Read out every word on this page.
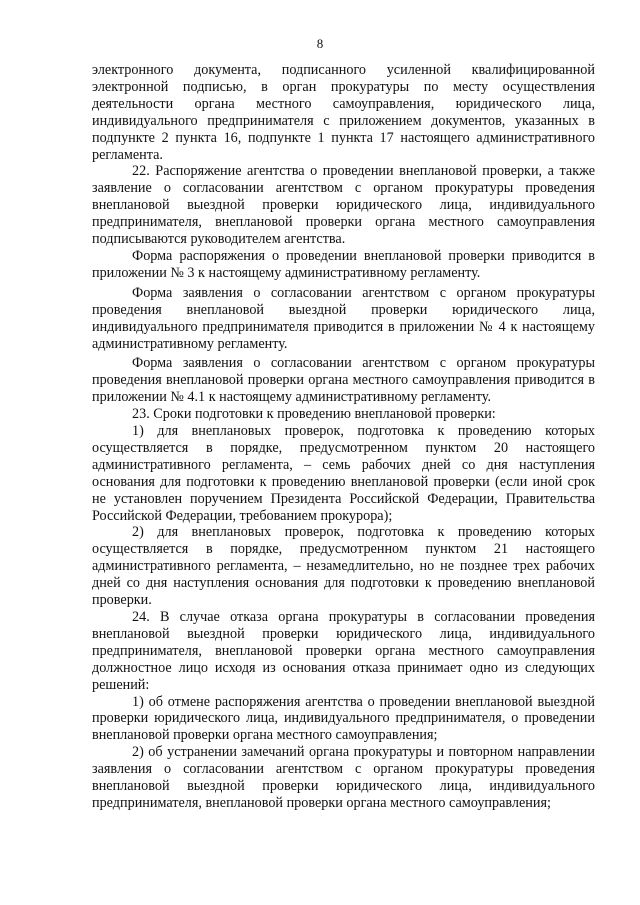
8

электронного документа, подписанного усиленной квалифицированной электронной подписью, в орган прокуратуры по месту осуществления деятельности органа местного самоуправления, юридического лица, индивидуального предпринимателя с приложением документов, указанных в подпункте 2 пункта 16, подпункте 1 пункта 17 настоящего административного регламента.

22. Распоряжение агентства о проведении внеплановой проверки, а также заявление о согласовании агентством с органом прокуратуры проведения внеплановой выездной проверки юридического лица, индивидуального предпринимателя, внеплановой проверки органа местного самоуправления подписываются руководителем агентства.

Форма распоряжения о проведении внеплановой проверки приводится в приложении № 3 к настоящему административному регламенту.

Форма заявления о согласовании агентством с органом прокуратуры проведения внеплановой выездной проверки юридического лица, индивидуального предпринимателя приводится в приложении № 4 к настоящему административному регламенту.

Форма заявления о согласовании агентством с органом прокуратуры проведения внеплановой проверки органа местного самоуправления приводится в приложении № 4.1 к настоящему административному регламенту.

23. Сроки подготовки к проведению внеплановой проверки:

1) для внеплановых проверок, подготовка к проведению которых осуществляется в порядке, предусмотренном пунктом 20 настоящего административного регламента, – семь рабочих дней со дня наступления основания для подготовки к проведению внеплановой проверки (если иной срок не установлен поручением Президента Российской Федерации, Правительства Российской Федерации, требованием прокурора);

2) для внеплановых проверок, подготовка к проведению которых осуществляется в порядке, предусмотренном пунктом 21 настоящего административного регламента, – незамедлительно, но не позднее трех рабочих дней со дня наступления основания для подготовки к проведению внеплановой проверки.

24. В случае отказа органа прокуратуры в согласовании проведения внеплановой выездной проверки юридического лица, индивидуального предпринимателя, внеплановой проверки органа местного самоуправления должностное лицо исходя из основания отказа принимает одно из следующих решений:

1) об отмене распоряжения агентства о проведении внеплановой выездной проверки юридического лица, индивидуального предпринимателя, о проведении внеплановой проверки органа местного самоуправления;

2) об устранении замечаний органа прокуратуры и повторном направлении заявления о согласовании агентством с органом прокуратуры проведения внеплановой выездной проверки юридического лица, индивидуального предпринимателя, внеплановой проверки органа местного самоуправления;
